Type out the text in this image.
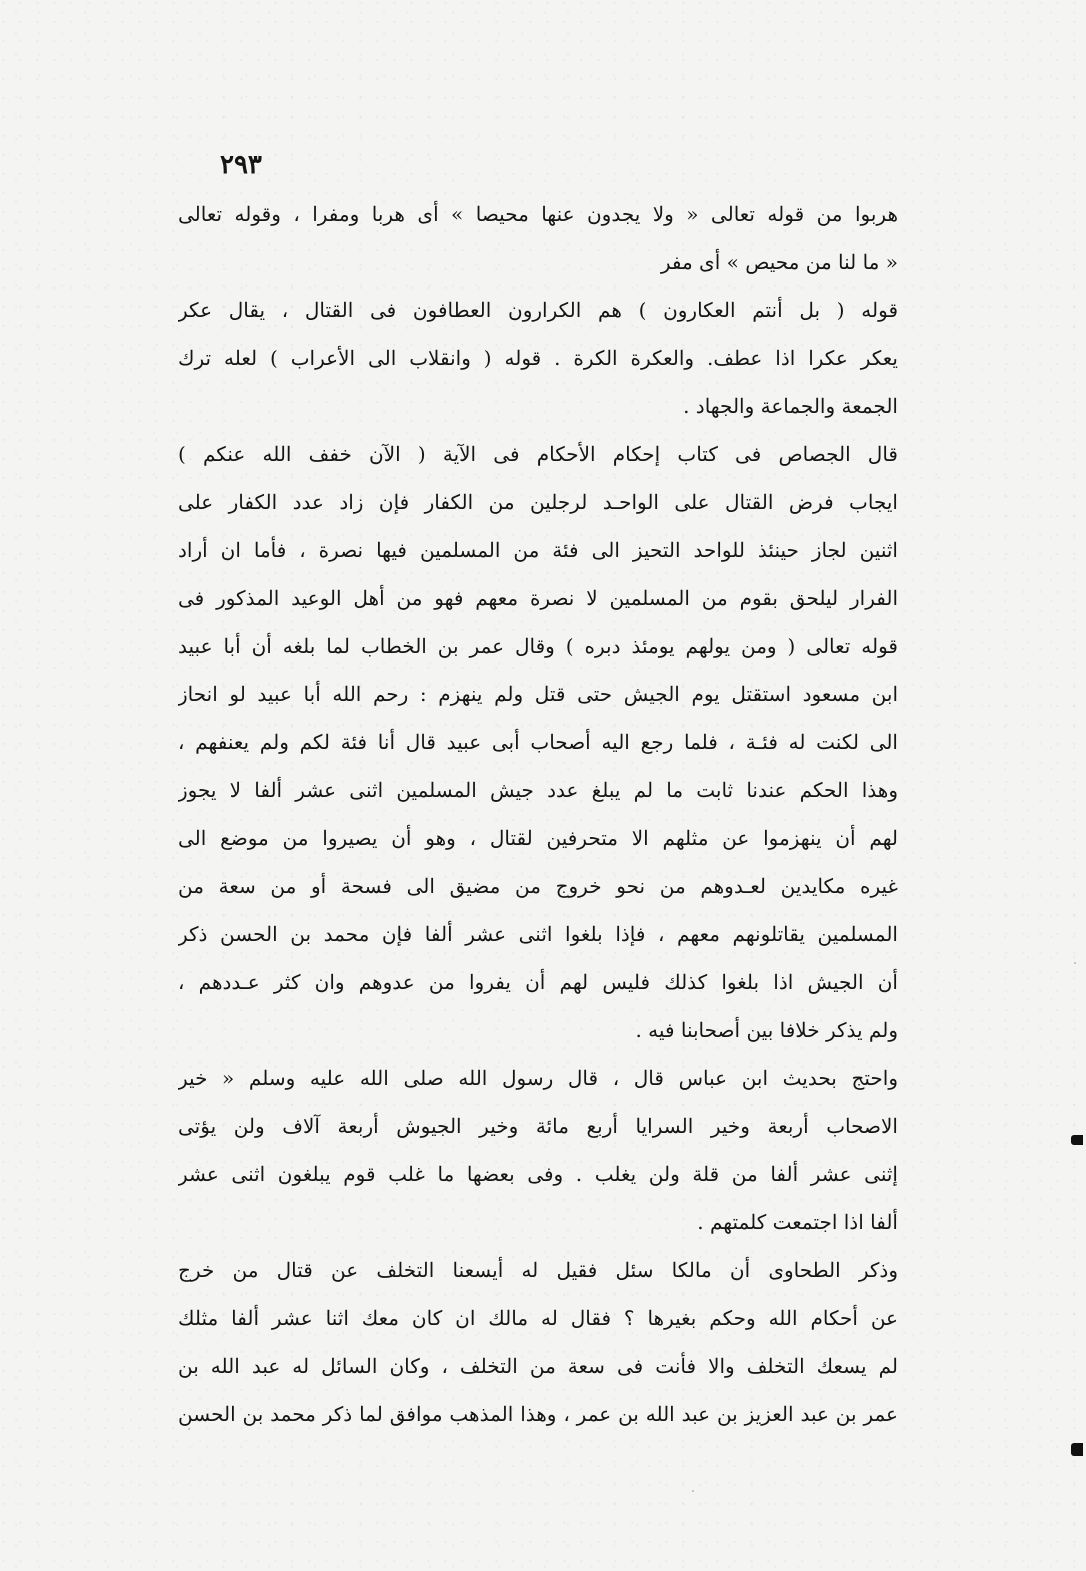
٢٩٣
هربوا من قوله تعالى « ولا يجدون عنها محيصا » أى هربا ومفرا ، وقوله تعالى
« ما لنا من محيص » أى مفر
قوله ( بل أنتم العكارون ) هم الكرارون العطافون فى القتال ، يقال عكر
يعكر عكرا اذا عطف. والعكرة الكرة . قوله ( وانقلاب الى الأعراب ) لعله ترك
الجمعة والجماعة والجهاد .
قال الجصاص فى كتاب إحكام الأحكام فى الآية ( الآن خفف الله عنكم )
ايجاب فرض القتال على الواحـد لرجلين من الكفار فإن زاد عدد الكفار على
اثنين لجاز حينئذ للواحد التحيز الى فئة من المسلمين فيها نصرة ، فأما ان أراد
الفرار ليلحق بقوم من المسلمين لا نصرة معهم فهو من أهل الوعيد المذكور فى
قوله تعالى ( ومن يولهم يومئذ دبره ) وقال عمر بن الخطاب لما بلغه أن أبا عبيد
ابن مسعود استقتل يوم الجيش حتى قتل ولم ينهزم : رحم الله أبا عبيد لو انحاز
الى لكنت له فئـة ، فلما رجع اليه أصحاب أبى عبيد قال أنا فئة لكم ولم يعنفهم ،
وهذا الحكم عندنا ثابت ما لم يبلغ عدد جيش المسلمين اثنى عشر ألفا لا يجوز
لهم أن ينهزموا عن مثلهم الا متحرفين لقتال ، وهو أن يصيروا من موضع الى
غيره مكايدين لعـدوهم من نحو خروج من مضيق الى فسحة أو من سعة من
المسلمين يقاتلونهم معهم ، فإذا بلغوا اثنى عشر ألفا فإن محمد بن الحسن ذكر
أن الجيش اذا بلغوا كذلك فليس لهم أن يفروا من عدوهم وان كثر عـددهم ،
ولم يذكر خلافا بين أصحابنا فيه .
واحتج بحديث ابن عباس قال ، قال رسول الله صلى الله عليه وسلم « خير
الاصحاب أربعة وخير السرايا أربع مائة وخير الجيوش أربعة آلاف ولن يؤتى
إثنى عشر ألفا من قلة ولن يغلب . وفى بعضها ما غلب قوم يبلغون اثنى عشر
ألفا اذا اجتمعت كلمتهم .
وذكر الطحاوى أن مالكا سئل فقيل له أيسعنا التخلف عن قتال من خرج
عن أحكام الله وحكم بغيرها ؟ فقال له مالك ان كان معك اثنا عشر ألفا مثلك
لم يسعك التخلف والا فأنت فى سعة من التخلف ، وكان السائل له عبد الله بن
عمر بن عبد العزيز بن عبد الله بن عمر ، وهذا المذهب موافق لما ذكر محمد بن الحسن
